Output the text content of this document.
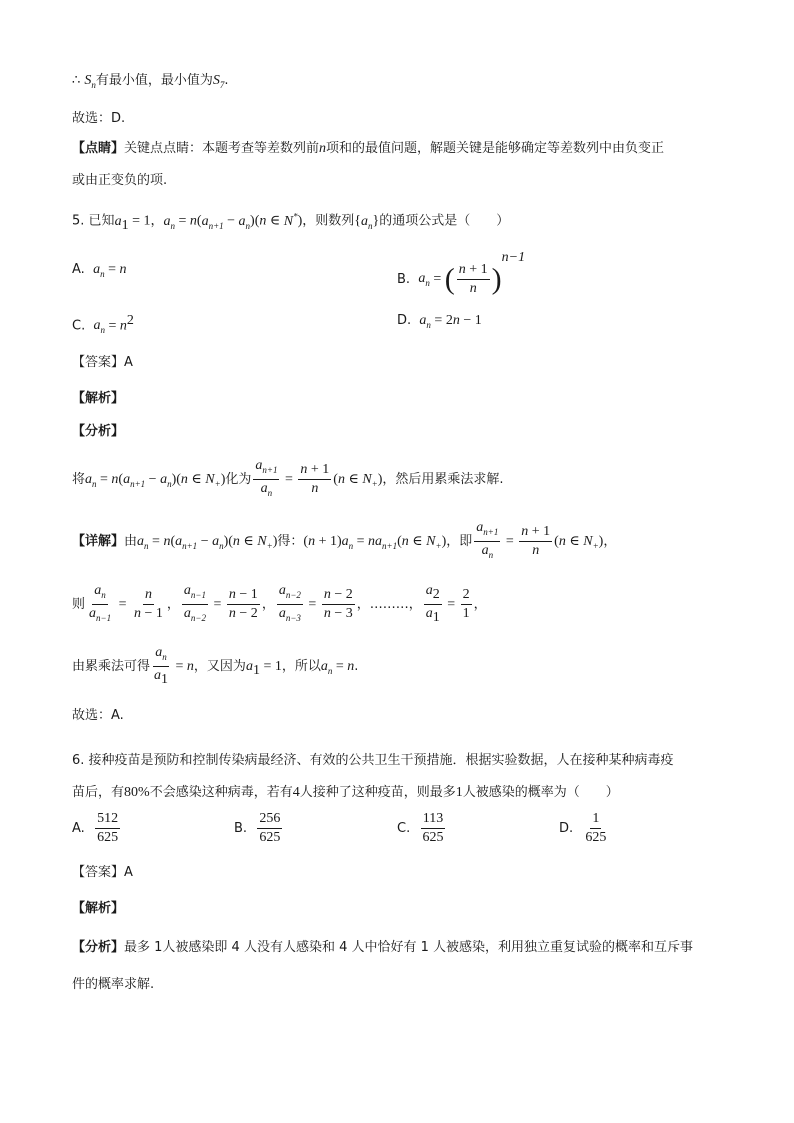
∴ $S_n$有最小值，最小值为$S_7$.
故选：D.
【点睛】关键点点睛：本题考查等差数列前n项和的最值问题，解题关键是能够确定等差数列中由负变正
或由正变负的项.
5. 已知$a_1 = 1$，$a_n = n(a_{n+1} - a_n)(n$ ∈ N*)，则数列$\{a_n\}$的通项公式是（　　）
A. $a_n = n$
B. $a_n$ = ( $\frac{n + 1}{n} )^{n-1}$
C. $a_n = n^2$	D. $a_n = 2n - 1$
【答案】A
【解析】
【分析】
将$a_n = n(a_{n+1} - a_n)(n$ ∈ $N_+$)化为 $\frac{a_{n+1}}{a_n} = \frac{n + 1}{n} (n$ ∈ $N_+$)，然后用累乘法求解.
【详解】由$a_n = n(a_{n+1} - a_n)(n$ ∈ $N_+$)得：$(n + 1)a_n = na_{n+1}(n$ ∈ $N_+$)，即 $\frac{a_{n+1}}{a_n} = \frac{n + 1}{n} (n$ ∈ $N_+$)，
则 $\frac{a_n}{a_{n-1}} = \frac{n}{n - 1}$ ， $\frac{a_{n-1}}{a_{n-2}} = \frac{n - 1}{n - 2}$ ， $\frac{a_{n-2}}{a_{n-3}} = \frac{n - 2}{n - 3}$ ，………， $\frac{a_2}{a_1} = \frac{2}{1}$ ，
由累乘法可得 $\frac{a_n}{a_1} = n$，又因为$a_1 = 1$，所以$a_n = n$.
故选：A.
6. 接种疫苗是预防和控制传染病最经济、有效的公共卫生干预措施．根据实验数据，人在接种某种病毒疫
苗后，有80%不会感染这种病毒，若有4人接种了这种疫苗，则最多1人被感染的概率为（　　）
A. $\frac{512}{625}$	B. $\frac{256}{625}$	C. $\frac{113}{625}$	D. $\frac{1}{625}$
【答案】A
【解析】
【分析】最多 1人被感染即 4 人没有人感染和 4 人中恰好有 1 人被感染，利用独立重复试验的概率和互斥事
件的概率求解.
